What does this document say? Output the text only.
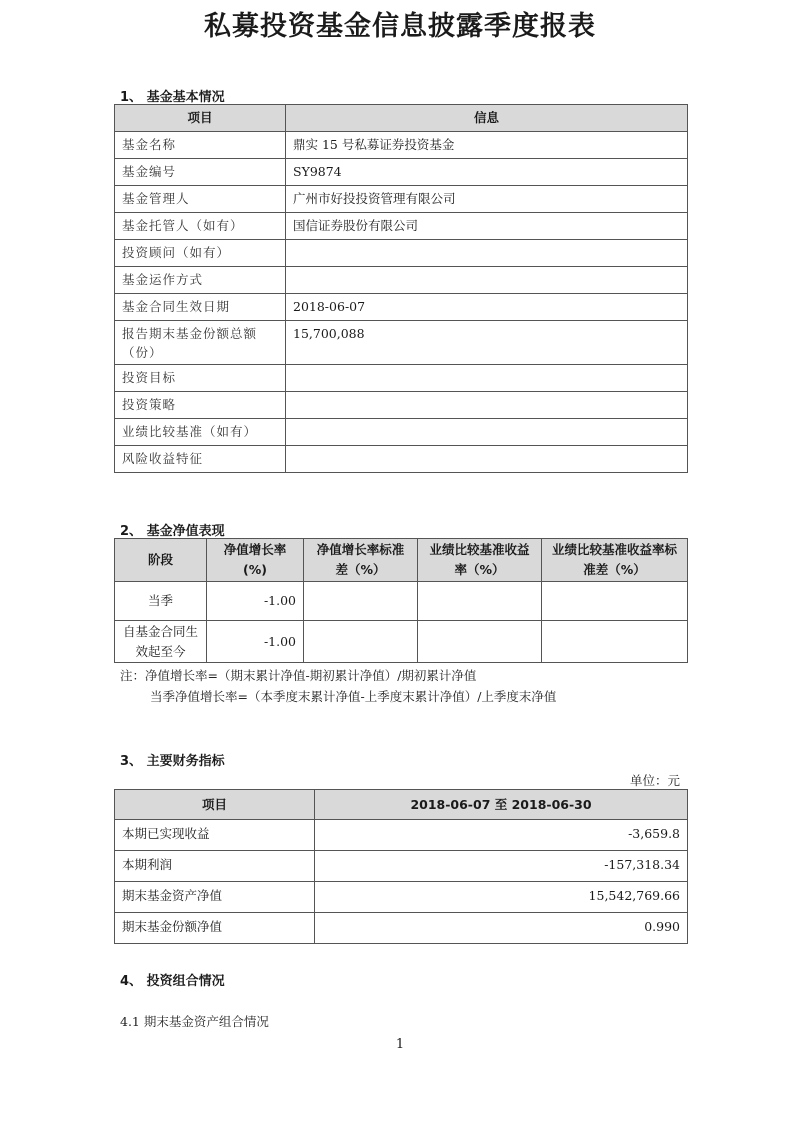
私募投资基金信息披露季度报表
1、 基金基本情况
项目	信息
基金名称	鼎实 15 号私募证券投资基金
基金编号	SY9874
基金管理人	广州市好投投资管理有限公司
基金托管人（如有）	国信证券股份有限公司
投资顾问（如有）	
基金运作方式	
基金合同生效日期	2018-06-07
报告期末基金份额总额（份）	15,700,088
投资目标	
投资策略	
业绩比较基准（如有）	
风险收益特征	
2、 基金净值表现
阶段	净值增长率(%)	净值增长率标准差（%）	业绩比较基准收益率（%）	业绩比较基准收益率标准差（%）
当季	-1.00			
自基金合同生效起至今	-1.00			
注：净值增长率=（期末累计净值-期初累计净值）/期初累计净值
当季净值增长率=（本季度末累计净值-上季度末累计净值）/上季度末净值
3、 主要财务指标
单位：元
项目	2018-06-07 至 2018-06-30
本期已实现收益	-3,659.8
本期利润	-157,318.34
期末基金资产净值	15,542,769.66
期末基金份额净值	0.990
4、 投资组合情况
4.1 期末基金资产组合情况
1
